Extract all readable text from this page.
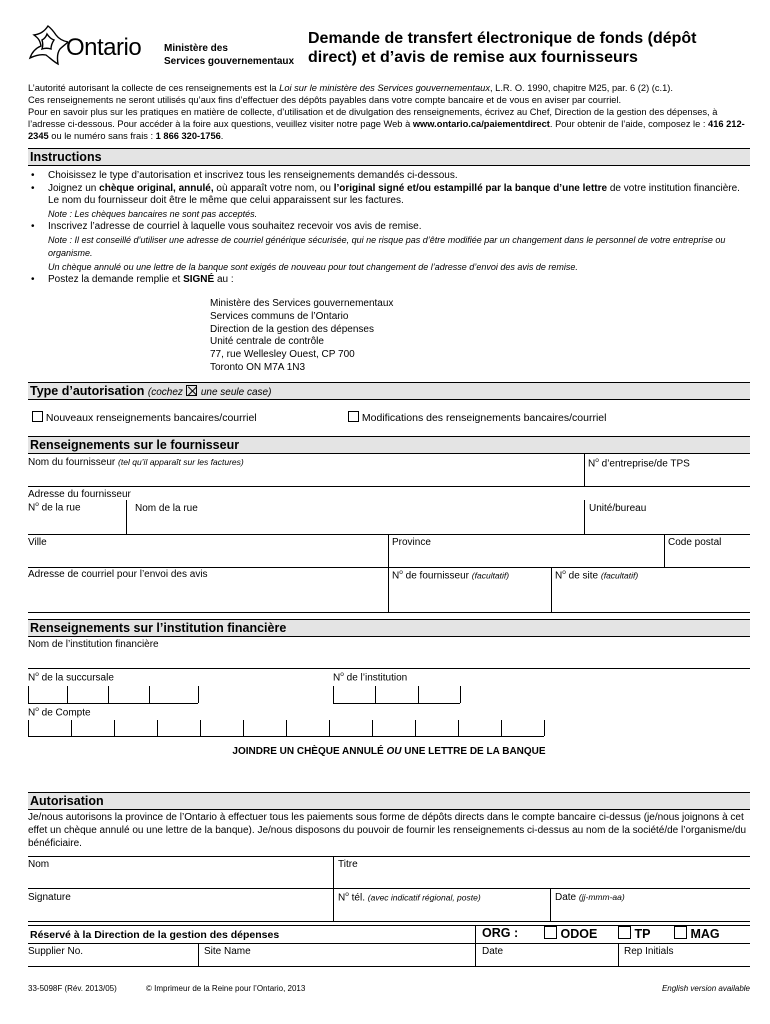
Ontario Ministère des
Services gouvernementaux
Demande de transfert électronique de fonds (dépôt
direct) et d’avis de remise aux fournisseurs
L’autorité autorisant la collecte de ces renseignements est la Loi sur le ministère des Services gouvernementaux, L.R. O. 1990, chapitre M25, par. 6 (2) (c.1).
Ces renseignements ne seront utilisés qu’aux fins d’effectuer des dépôts payables dans votre compte bancaire et de vous en aviser par courriel.
Pour en savoir plus sur les pratiques en matière de collecte, d’utilisation et de divulgation des renseignements, écrivez au Chef, Direction de la gestion des dépenses, à l’adresse ci-dessous. Pour accéder à la foire aux questions, veuillez visiter notre page Web à www.ontario.ca/paiementdirect. Pour obtenir de l’aide, composez le : 416 212-2345 ou le numéro sans frais : 1 866 320-1756.
Instructions
• Choisissez le type d’autorisation et inscrivez tous les renseignements demandés ci-dessous.
• Joignez un chèque original, annulé, où apparaît votre nom, ou l’original signé et/ou estampillé par la banque d’une lettre de votre institution financière. Le nom du fournisseur doit être le même que celui apparaissent sur les factures.
Note : Les chèques bancaires ne sont pas acceptés.
• Inscrivez l’adresse de courriel à laquelle vous souhaitez recevoir vos avis de remise.
Note : Il est conseillé d’utiliser une adresse de courriel générique sécurisée, qui ne risque pas d’être modifiée par un changement dans le personnel de votre entreprise ou organisme.
Un chèque annulé ou une lettre de la banque sont exigés de nouveau pour tout changement de l’adresse d’envoi des avis de remise.
• Postez la demande remplie et SIGNÉ au :
Ministère des Services gouvernementaux
Services communs de l’Ontario
Direction de la gestion des dépenses
Unité centrale de contrôle
77, rue Wellesley Ouest, CP 700
Toronto ON M7A 1N3
Type d’autorisation (cochez une seule case)
Nouveaux renseignements bancaires/courriel	Modifications des renseignements bancaires/courriel
Renseignements sur le fournisseur
Nom du fournisseur (tel qu’il apparaît sur les factures)	$N^o$ d’entreprise/de TPS
Adresse du fournisseur
$N^o$ de la rue	Nom de la rue	Unité/bureau
Ville	Province	Code postal
Adresse de courriel pour l’envoi des avis	$N^o$ de fournisseur (facultatif)	$N^o$ de site (facultatif)
Renseignements sur l’institution financière
Nom de l’institution financière
$N^o$ de la succursale	$N^o$ de l’institution
$N^o$ de Compte
JOINDRE UN CHÈQUE ANNULÉ OU UNE LETTRE DE LA BANQUE
Autorisation
Je/nous autorisons la province de l’Ontario à effectuer tous les paiements sous forme de dépôts directs dans le compte bancaire ci-dessus (je/nous joignons à cet effet un chèque annulé ou une lettre de la banque). Je/nous disposons du pouvoir de fournir les renseignements ci-dessus au nom de la société/de l’organisme/du bénéficiaire.
Nom	Titre
Signature	$N^o$ tél. (avec indicatif régional, poste)	Date (jj-mmm-aa)
Réservé à la Direction de la gestion des dépenses	ORG :	ODOE	TP	MAG
Supplier No.	Site Name	Date	Rep Initials
33-5098F (Rév. 2013/05)	© Imprimeur de la Reine pour l’Ontario, 2013	English version available
